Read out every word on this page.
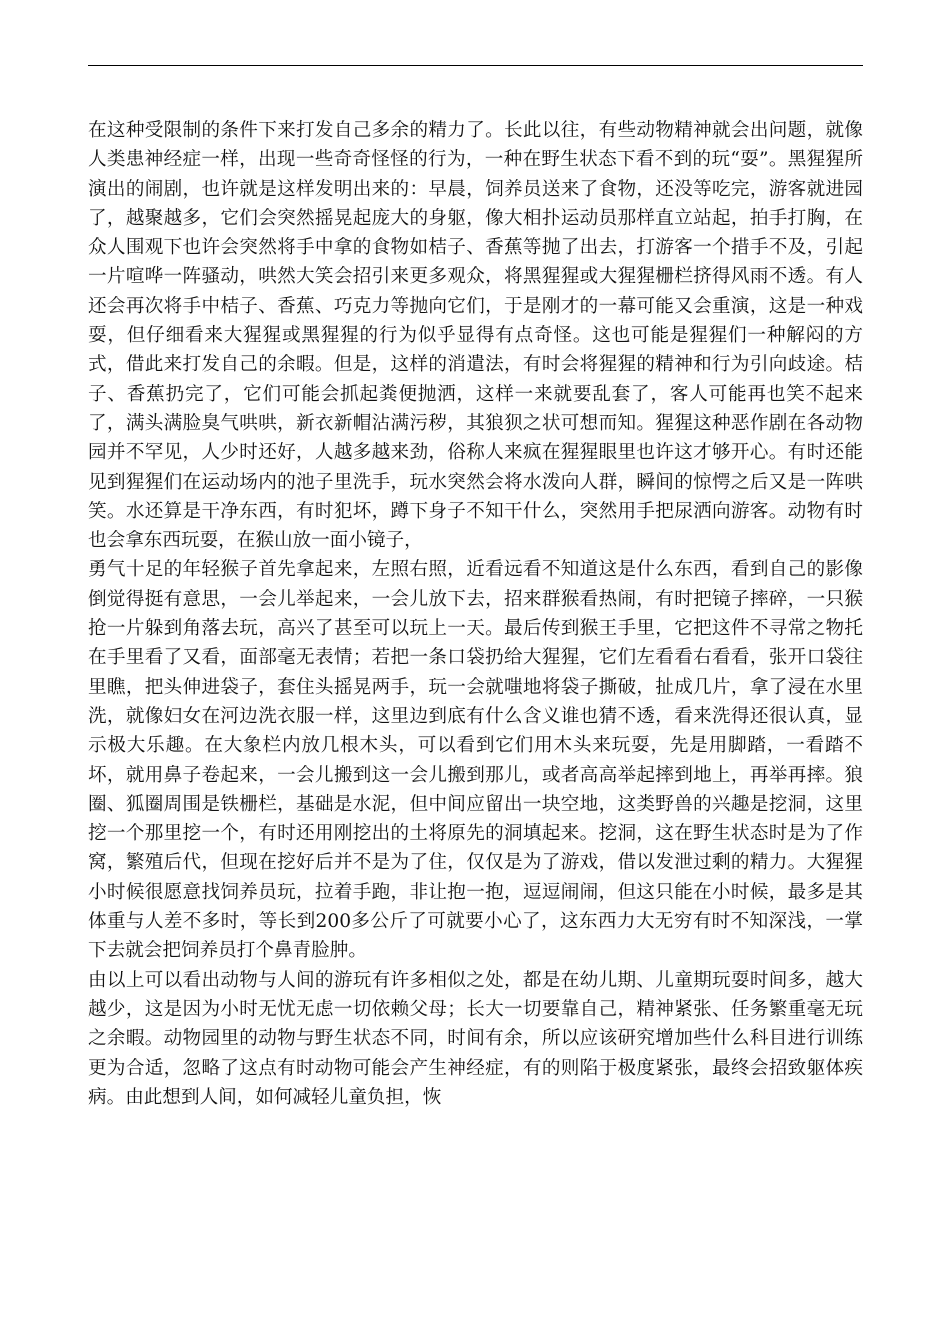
在这种受限制的条件下来打发自己多余的精力了。长此以往，有些动物精神就会出问题，就像人类患神经症一样，出现一些奇奇怪怪的行为，一种在野生状态下看不到的玩“耍”。黑猩猩所演出的闹剧，也许就是这样发明出来的：早晨，饲养员送来了食物，还没等吃完，游客就进园了，越聚越多，它们会突然摇晃起庞大的身躯，像大相扑运动员那样直立站起，拍手打胸，在众人围观下也许会突然将手中拿的食物如桔子、香蕉等抛了出去，打游客一个措手不及，引起一片喧哗一阵骚动，哄然大笑会招引来更多观众，将黑猩猩或大猩猩栅栏挤得风雨不透。有人还会再次将手中桔子、香蕉、巧克力等抛向它们，于是刚才的一幕可能又会重演，这是一种戏耍，但仔细看来大猩猩或黑猩猩的行为似乎显得有点奇怪。这也可能是猩猩们一种解闷的方式，借此来打发自己的余暇。但是，这样的消遣法，有时会将猩猩的精神和行为引向歧途。桔子、香蕉扔完了，它们可能会抓起粪便抛洒，这样一来就要乱套了，客人可能再也笑不起来了，满头满脸臭气哄哄，新衣新帽沾满污秽，其狼狈之状可想而知。猩猩这种恶作剧在各动物园并不罕见，人少时还好，人越多越来劲，俗称人来疯在猩猩眼里也许这才够开心。有时还能见到猩猩们在运动场内的池子里洗手，玩水突然会将水泼向人群，瞬间的惊愕之后又是一阵哄笑。水还算是干净东西，有时犯坏，蹲下身子不知干什么，突然用手把尿洒向游客。动物有时也会拿东西玩耍，在猴山放一面小镜子，

勇气十足的年轻猴子首先拿起来，左照右照，近看远看不知道这是什么东西，看到自己的影像倒觉得挺有意思，一会儿举起来，一会儿放下去，招来群猴看热闹，有时把镜子摔碎，一只猴抢一片躲到角落去玩，高兴了甚至可以玩上一天。最后传到猴王手里，它把这件不寻常之物托在手里看了又看，面部毫无表情；若把一条口袋扔给大猩猩，它们左看看右看看，张开口袋往里瞧，把头伸进袋子，套住头摇晃两手，玩一会就嗤地将袋子撕破，扯成几片，拿了浸在水里洗，就像妇女在河边洗衣服一样，这里边到底有什么含义谁也猜不透，看来洗得还很认真，显示极大乐趣。在大象栏内放几根木头，可以看到它们用木头来玩耍，先是用脚踏，一看踏不坏，就用鼻子卷起来，一会儿搬到这一会儿搬到那儿，或者高高举起摔到地上，再举再摔。狼圈、狐圈周围是铁栅栏，基础是水泥，但中间应留出一块空地，这类野兽的兴趣是挖洞，这里挖一个那里挖一个，有时还用刚挖出的土将原先的洞填起来。挖洞，这在野生状态时是为了作窝，繁殖后代，但现在挖好后并不是为了住，仅仅是为了游戏，借以发泄过剩的精力。大猩猩小时候很愿意找饲养员玩，拉着手跑，非让抱一抱，逗逗闹闹，但这只能在小时候，最多是其体重与人差不多时，等长到200多公斤了可就要小心了，这东西力大无穷有时不知深浅，一掌下去就会把饲养员打个鼻青脸肿。

由以上可以看出动物与人间的游玩有许多相似之处，都是在幼儿期、儿童期玩耍时间多，越大越少，这是因为小时无忧无虑一切依赖父母；长大一切要靠自己，精神紧张、任务繁重毫无玩之余暇。动物园里的动物与野生状态不同，时间有余，所以应该研究增加些什么科目进行训练更为合适，忽略了这点有时动物可能会产生神经症，有的则陷于极度紧张，最终会招致躯体疾病。由此想到人间，如何减轻儿童负担，恢
